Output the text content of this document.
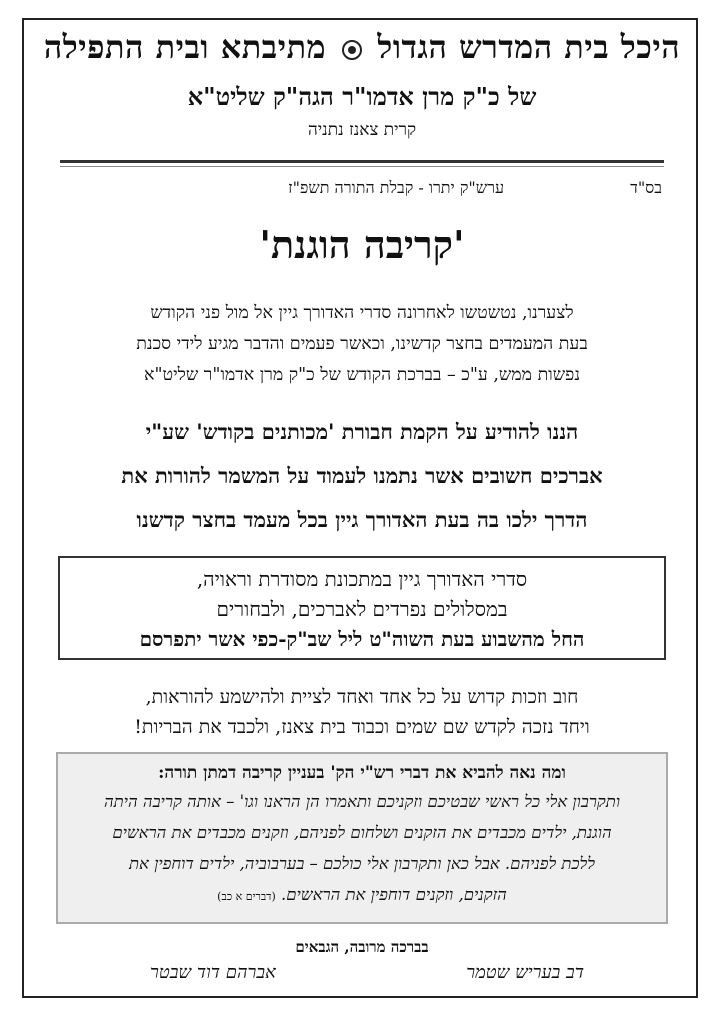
היכל בית המדרש הגדול  מתיבתא ובית התפילה
של כ"ק מרן אדמו"ר הגה"ק שליט"א
קרית צאנז נתניה
בס"ד
ערש"ק יתרו - קבלת התורה תשפ"ז
'קריבה הוגנת'
לצערנו, נטשטשו לאחרונה סדרי האדורך גיין אל מול פני הקודש
בעת המעמדים בחצר קדשינו, וכאשר פעמים והדבר מגיע לידי סכנת
נפשות ממש, ע"כ – בברכת הקודש של כ"ק מרן אדמו"ר שליט"א
הננו להודיע על הקמת חבורת 'מכותנים בקודש' שע"י
אברכים חשובים אשר נתמנו לעמוד על המשמר להורות את
הדרך ילכו בה בעת האדורך גיין בכל מעמד בחצר קדשנו
סדרי האדורך גיין במתכונת מסודרת וראויה,
במסלולים נפרדים לאברכים, ולבחורים
החל מהשבוע בעת השוה"ט ליל שב"ק-כפי אשר יתפרסם
חוב וזכות קדוש על כל אחד ואחד לציית ולהישמע להוראות,
ויחד נזכה לקדש שם שמים וכבוד בית צאנז, ולכבד את הבריות!
ומה נאה להביא את דברי רש"י הק' בעניין קריבה דמתן תורה:
ותקרבון אלי כל ראשי שבטיכם וזקניכם ותאמרו הן הראנו וגו' – אותה קריבה היתה
הוגנת, ילדים מכבדים את הזקנים ושלחום לפניהם, וזקנים מכבדים את הראשים
ללכת לפניהם. אבל כאן ותקרבון אלי כולכם – בערבוביה, ילדים דוחפין את
הזקנים, וזקנים דוחפין את הראשים. (דברים א כב)
בברכה מרובה, הגבאים
דב בעריש שטמר
אברהם דוד שבטר
